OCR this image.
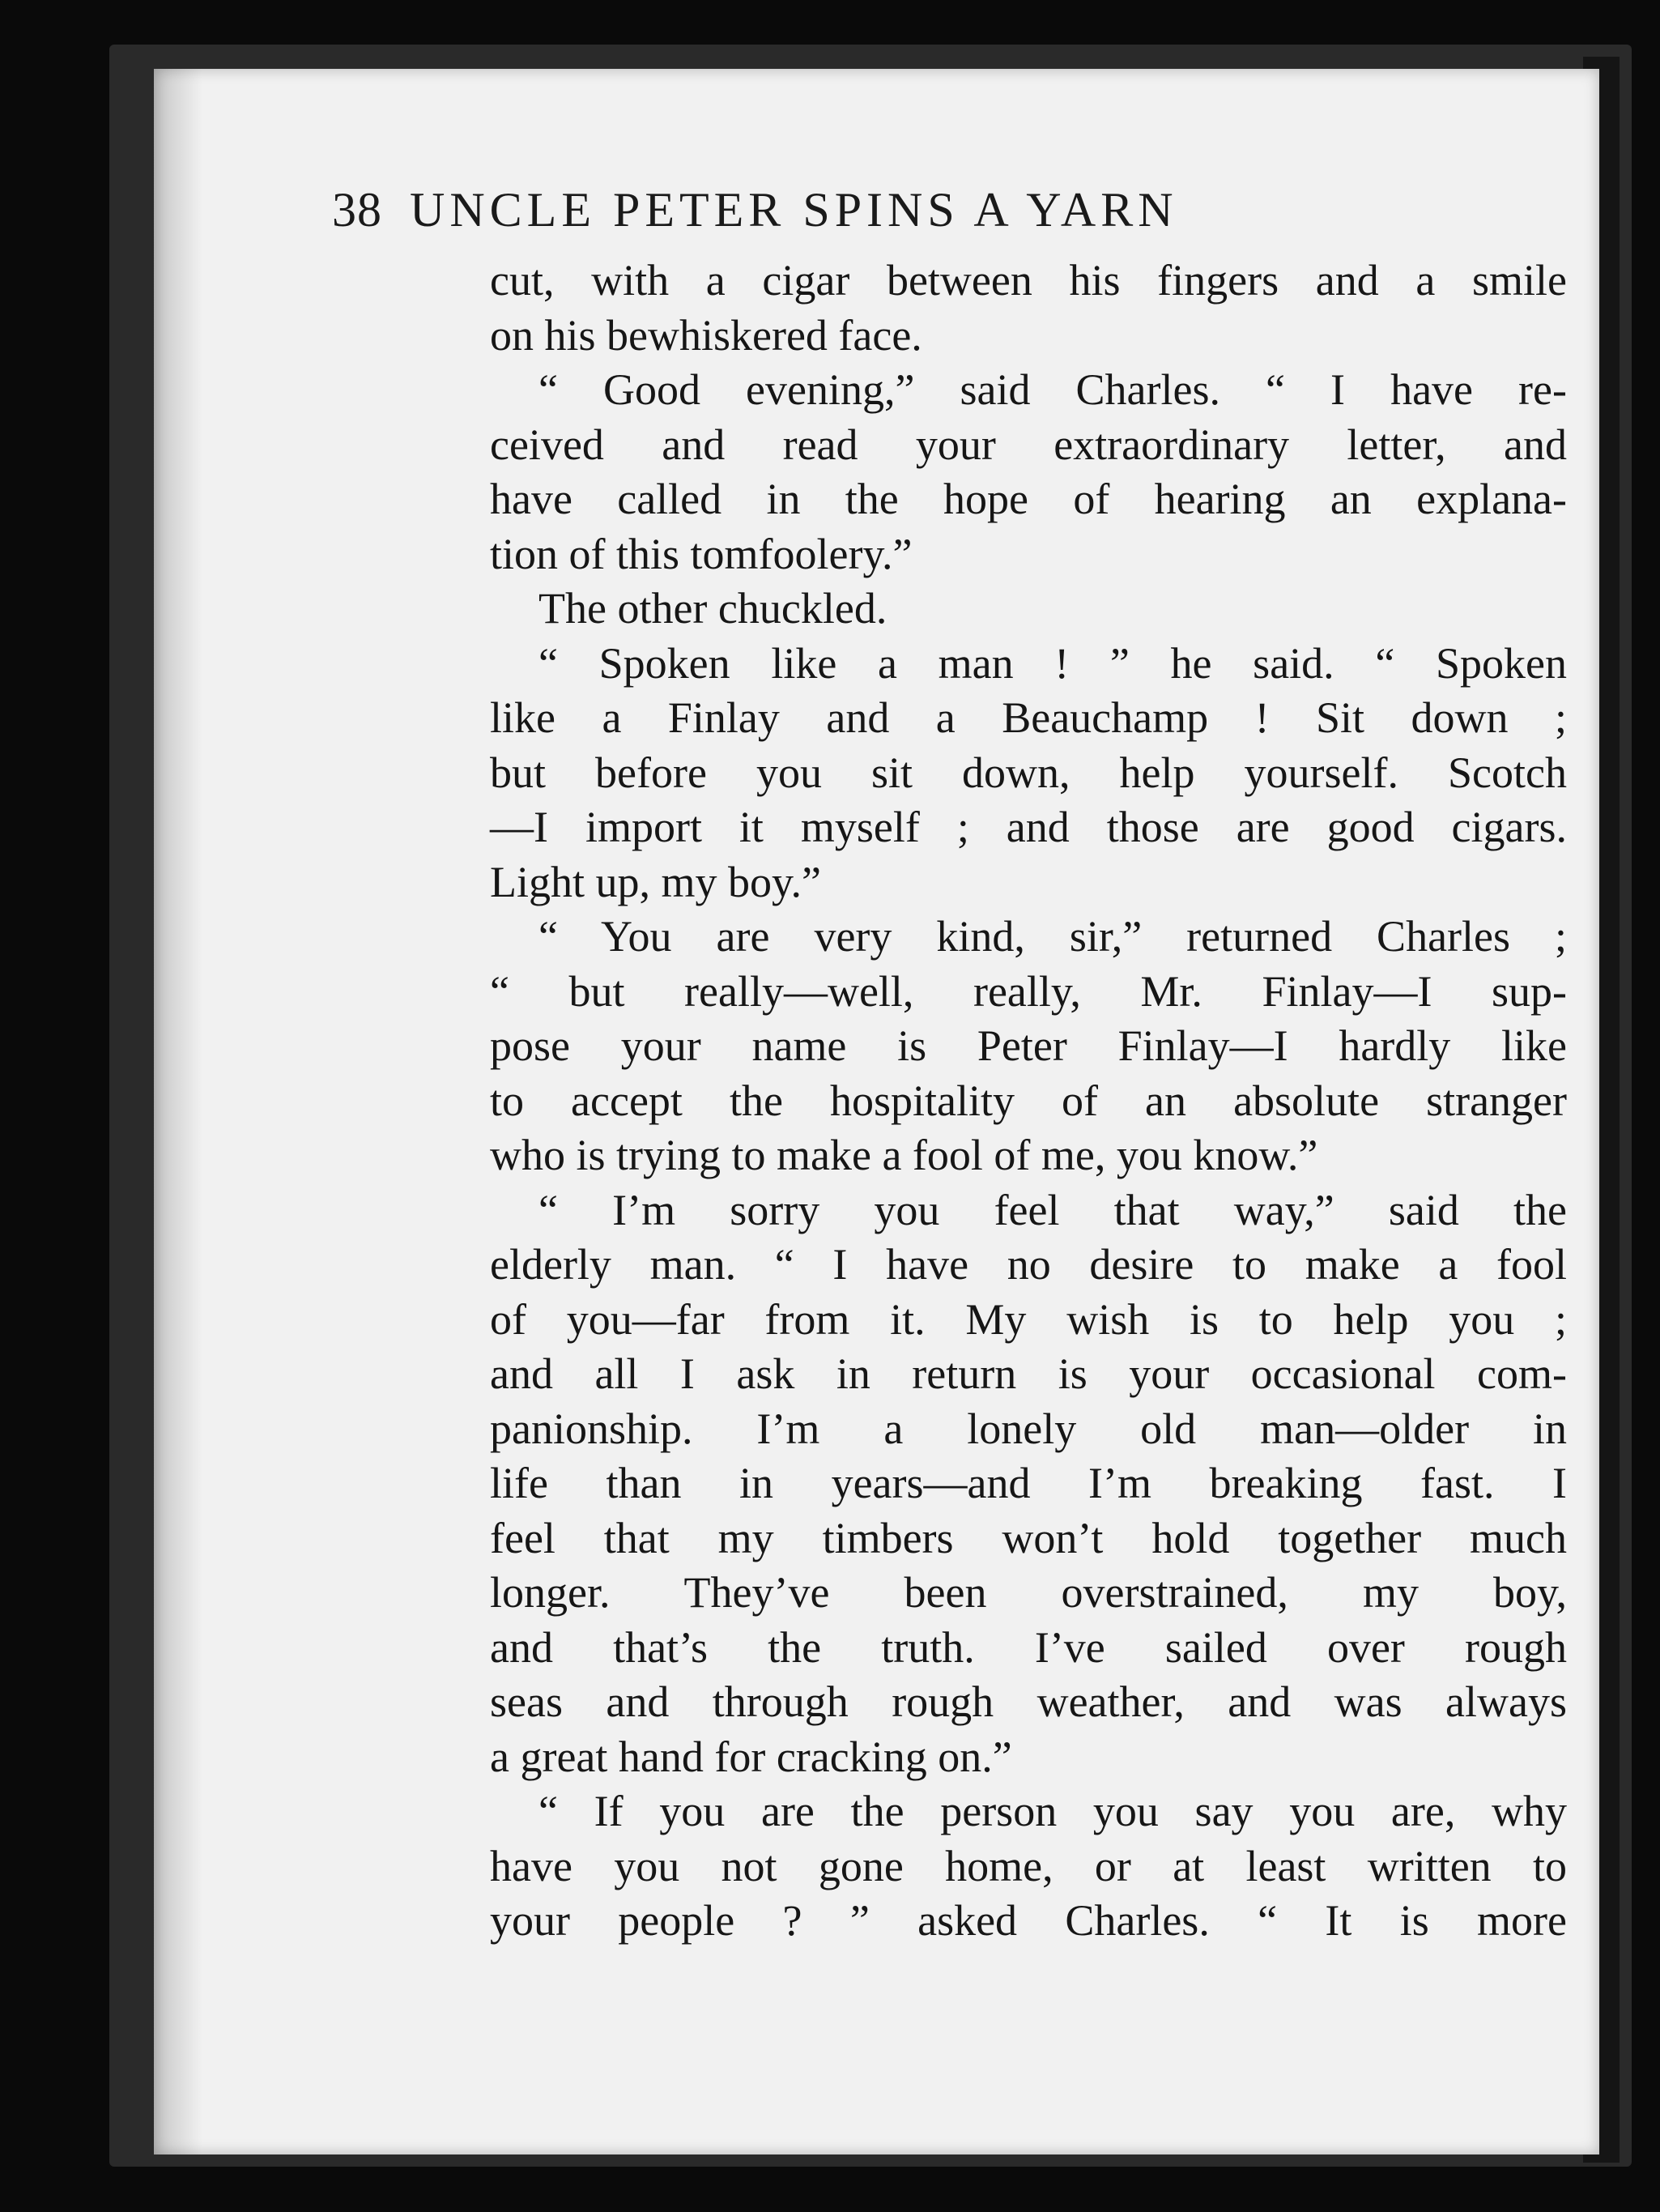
38 UNCLE PETER SPINS A YARN
cut, with a cigar between his fingers and a smile
on his bewhiskered face.
“ Good evening,” said Charles. “ I have re-
ceived and read your extraordinary letter, and
have called in the hope of hearing an explana-
tion of this tomfoolery.”
The other chuckled.
“ Spoken like a man ! ” he said. “ Spoken
like a Finlay and a Beauchamp ! Sit down ;
but before you sit down, help yourself. Scotch
—I import it myself ; and those are good cigars.
Light up, my boy.”
“ You are very kind, sir,” returned Charles ;
“ but really—well, really, Mr. Finlay—I sup-
pose your name is Peter Finlay—I hardly like
to accept the hospitality of an absolute stranger
who is trying to make a fool of me, you know.”
“ I’m sorry you feel that way,” said the
elderly man. “ I have no desire to make a fool
of you—far from it. My wish is to help you ;
and all I ask in return is your occasional com-
panionship. I’m a lonely old man—older in
life than in years—and I’m breaking fast. I
feel that my timbers won’t hold together much
longer. They’ve been overstrained, my boy,
and that’s the truth. I’ve sailed over rough
seas and through rough weather, and was always
a great hand for cracking on.”
“ If you are the person you say you are, why
have you not gone home, or at least written to
your people ? ” asked Charles. “ It is more
